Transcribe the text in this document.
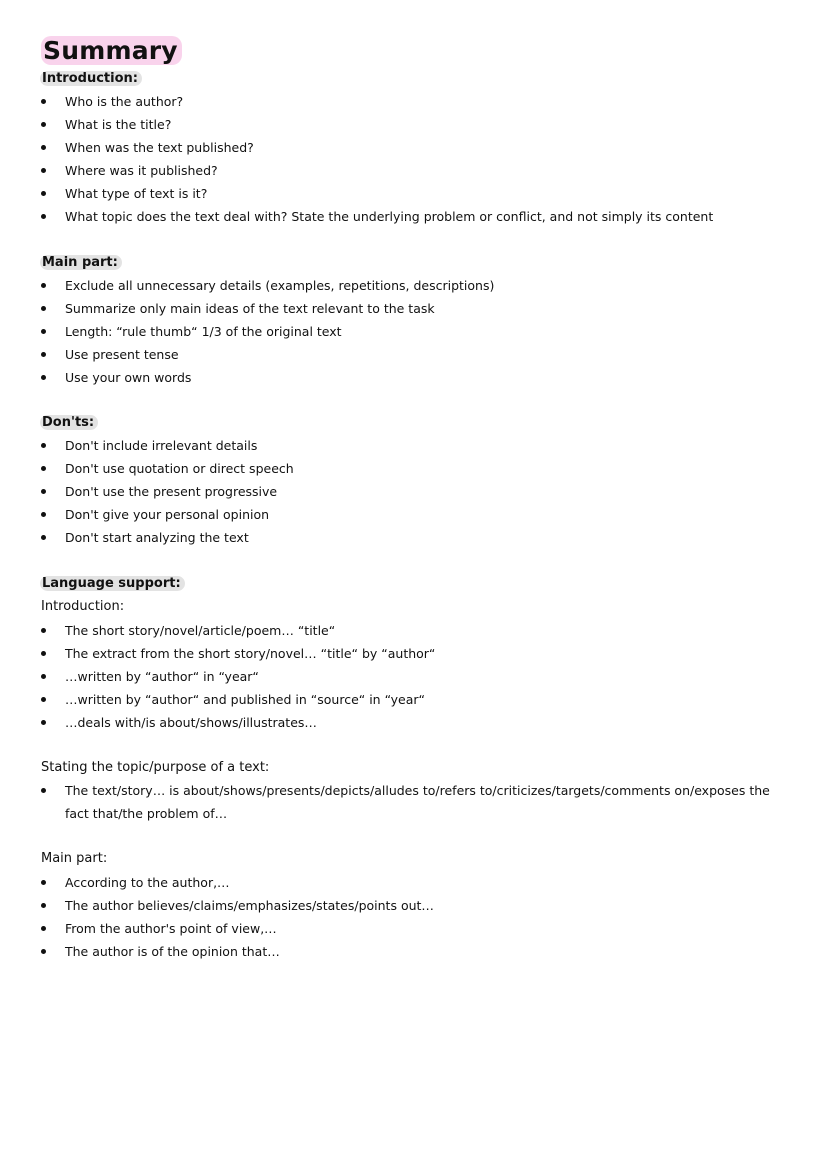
Summary
Introduction:
Who is the author?
What is the title?
When was the text published?
Where was it published?
What type of text is it?
What topic does the text deal with? State the underlying problem or conflict, and not simply its content
Main part:
Exclude all unnecessary details (examples, repetitions, descriptions)
Summarize only main ideas of the text relevant to the task
Length: “rule thumb“ 1/3 of the original text
Use present tense
Use your own words
Don'ts:
Don't include irrelevant details
Don't use quotation or direct speech
Don't use the present progressive
Don't give your personal opinion
Don't start analyzing the text
Language support:

Introduction:

The short story/novel/article/poem… “title“
The extract from the short story/novel… “title“ by “author“
…written by “author“ in “year“
…written by “author“ and published in “source“ in “year“
…deals with/is about/shows/illustrates…

Stating the topic/purpose of a text:

The text/story… is about/shows/presents/depicts/alludes to/refers to/criticizes/targets/comments on/exposes the fact that/the problem of…

Main part:

According to the author,…
The author believes/claims/emphasizes/states/points out…
From the author's point of view,…
The author is of the opinion that…
